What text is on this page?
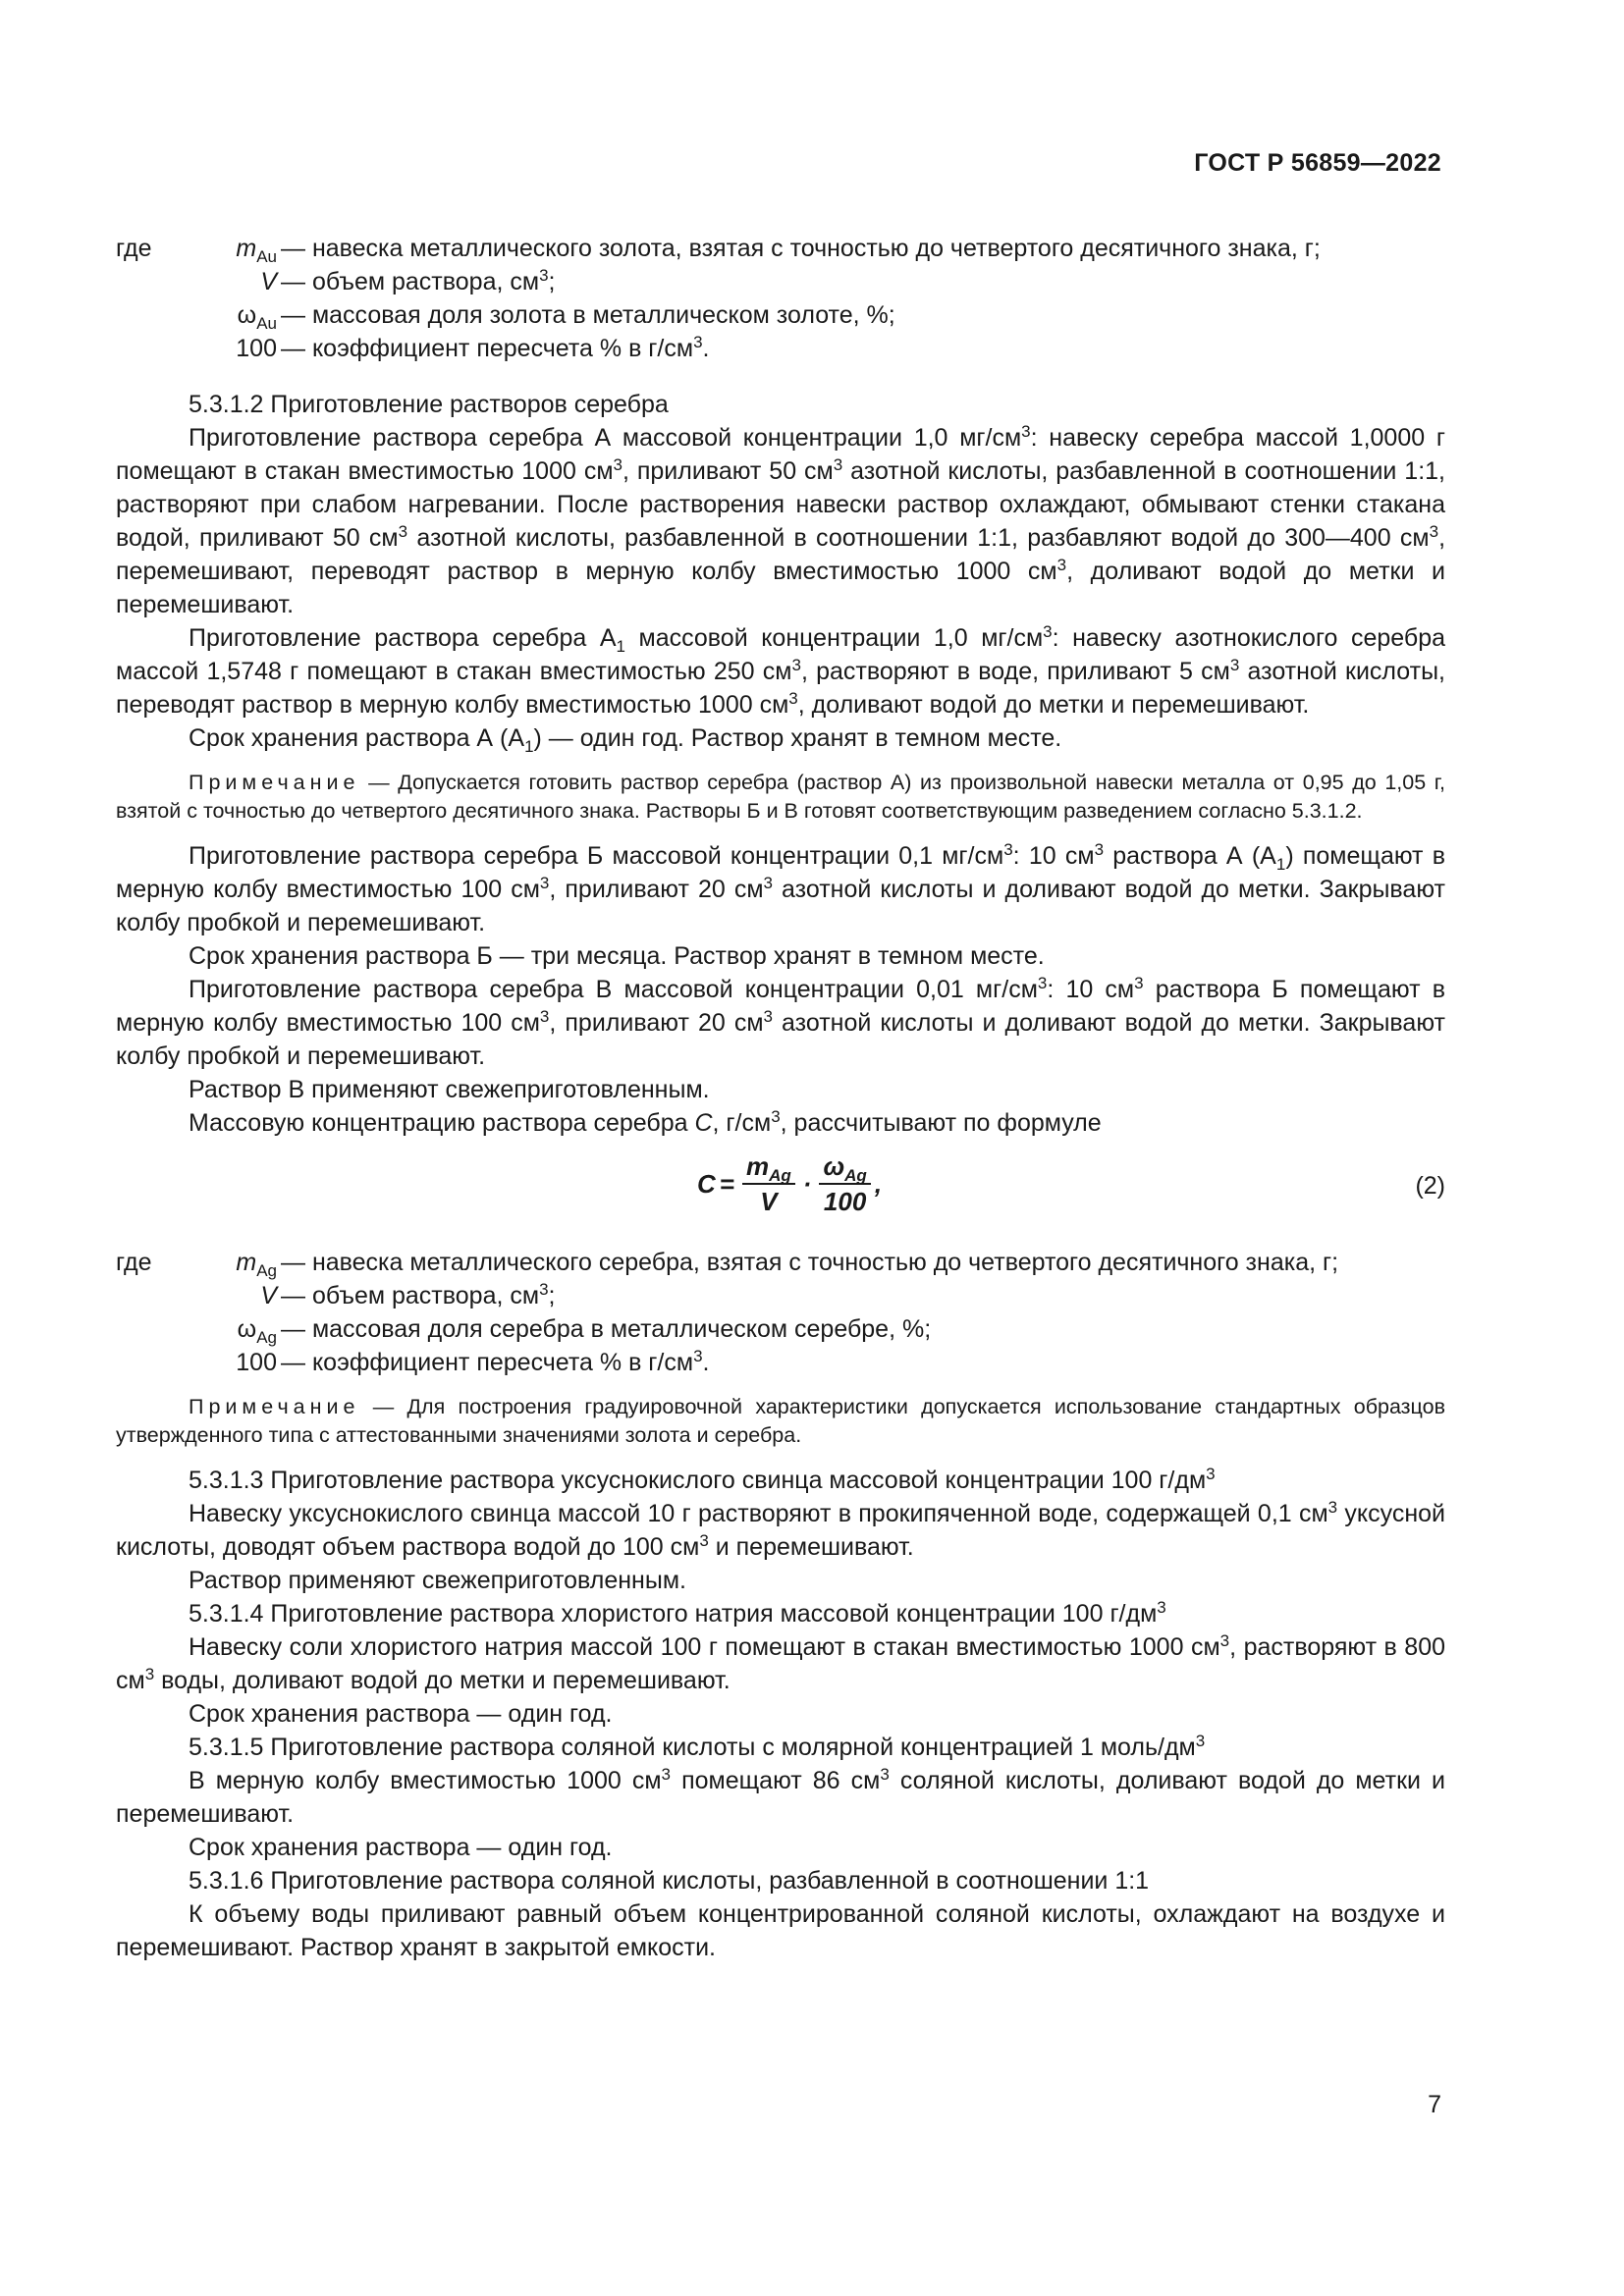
ГОСТ Р 56859—2022
где	$m_{Au}$ — навеска металлического золота, взятая с точностью до четвертого десятичного знака, г;
V — объем раствора, $см^3$;
$\omega_{Au}$ — массовая доля золота в металлическом золоте, %;
100 — коэффициент пересчета % в $г/см^3$.

5.3.1.2 Приготовление растворов серебра

Приготовление раствора серебра А массовой концентрации 1,0 $мг/см^3$: навеску серебра массой 1,0000 г помещают в стакан вместимостью 1000 $см^3$, приливают 50 $см^3$ азотной кислоты, разбавленной в соотношении 1:1, растворяют при слабом нагревании. После растворения навески раствор охлаждают, обмывают стенки стакана водой, приливают 50 $см^3$ азотной кислоты, разбавленной в соотношении 1:1, разбавляют водой до 300—400 $см^3$, перемешивают, переводят раствор в мерную колбу вместимостью 1000 $см^3$, доливают водой до метки и перемешивают.

Приготовление раствора серебра $А_1$ массовой концентрации 1,0 $мг/см^3$: навеску азотнокислого серебра массой 1,5748 г помещают в стакан вместимостью 250 $см^3$, растворяют в воде, приливают 5 $см^3$ азотной кислоты, переводят раствор в мерную колбу вместимостью 1000 $см^3$, доливают водой до метки и перемешивают.

Срок хранения раствора А $(А_1)$ — один год. Раствор хранят в темном месте.

Примечание — Допускается готовить раствор серебра (раствор А) из произвольной навески металла от 0,95 до 1,05 г, взятой с точностью до четвертого десятичного знака. Растворы Б и В готовят соответствующим разведением согласно 5.3.1.2.

Приготовление раствора серебра Б массовой концентрации 0,1 $мг/см^3$: 10 $см^3$ раствора А $(А_1)$ помещают в мерную колбу вместимостью 100 $см^3$, приливают 20 $см^3$ азотной кислоты и доливают водой до метки. Закрывают колбу пробкой и перемешивают.

Срок хранения раствора Б — три месяца. Раствор хранят в темном месте.

Приготовление раствора серебра В массовой концентрации 0,01 $мг/см^3$: 10 $см^3$ раствора Б помещают в мерную колбу вместимостью 100 $см^3$, приливают 20 $см^3$ азотной кислоты и доливают водой до метки. Закрывают колбу пробкой и перемешивают.

Раствор В применяют свежеприготовленным.

Массовую концентрацию раствора серебра C, $г/см^3$, рассчитывают по формуле

$C = \frac{m_{Ag}}{V} \cdot \frac{\omega_{Ag}}{100}$ ,	(2)
где	$m_{Ag}$ — навеска металлического серебра, взятая с точностью до четвертого десятичного знака, г;
V — объем раствора, $см^3$;
$\omega_{Ag}$ — массовая доля серебра в металлическом серебре, %;
100 — коэффициент пересчета % в $г/см^3$.

Примечание — Для построения градуировочной характеристики допускается использование стандартных образцов утвержденного типа с аттестованными значениями золота и серебра.

5.3.1.3 Приготовление раствора уксуснокислого свинца массовой концентрации 100 $г/дм^3$

Навеску уксуснокислого свинца массой 10 г растворяют в прокипяченной воде, содержащей 0,1 $см^3$ уксусной кислоты, доводят объем раствора водой до 100 $см^3$ и перемешивают.

Раствор применяют свежеприготовленным.

5.3.1.4 Приготовление раствора хлористого натрия массовой концентрации 100 $г/дм^3$

Навеску соли хлористого натрия массой 100 г помещают в стакан вместимостью 1000 $см^3$, растворяют в 800 $см^3$ воды, доливают водой до метки и перемешивают.

Срок хранения раствора — один год.

5.3.1.5 Приготовление раствора соляной кислоты с молярной концентрацией 1 моль/$дм^3$

В мерную колбу вместимостью 1000 $см^3$ помещают 86 $см^3$ соляной кислоты, доливают водой до метки и перемешивают.

Срок хранения раствора — один год.

5.3.1.6 Приготовление раствора соляной кислоты, разбавленной в соотношении 1:1

К объему воды приливают равный объем концентрированной соляной кислоты, охлаждают на воздухе и перемешивают. Раствор хранят в закрытой емкости.

7
